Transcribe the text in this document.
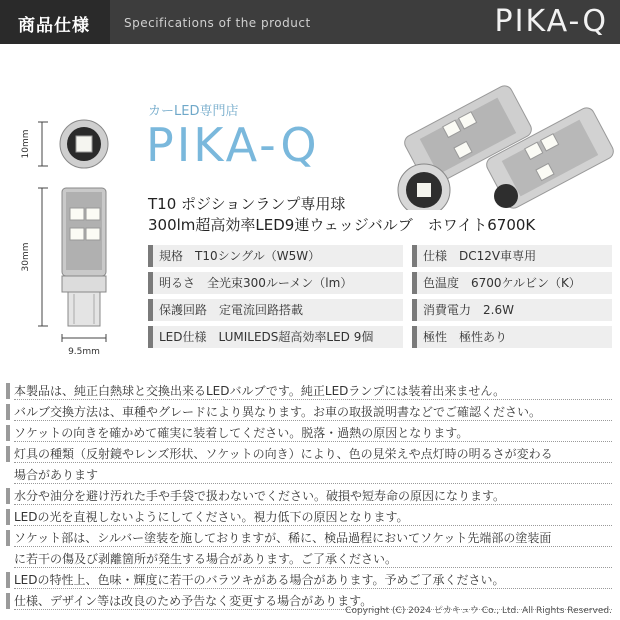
商品仕様	Specifications of the product	PIKA-Q
10mm
30mm
9.5mm
カーLED専門店
PIKA-Q
T10 ポジションランプ専用球
300lm超高効率LED9連ウェッジバルブ　ホワイト6700K
規格　T10シングル（W5W）	仕様　DC12V車専用
明るさ　全光束300ルーメン（lm）	色温度　6700ケルビン（K）
保護回路　定電流回路搭載	消費電力　2.6W
LED仕様　LUMILEDS超高効率LED 9個	極性　極性あり
本製品は、純正白熱球と交換出来るLEDバルブです。純正LEDランプには装着出来ません。
バルブ交換方法は、車種やグレードにより異なります。お車の取扱説明書などでご確認ください。
ソケットの向きを確かめて確実に装着してください。脱落・過熱の原因となります。
灯具の種類（反射鏡やレンズ形状、ソケットの向き）により、色の見栄えや点灯時の明るさが変わる
場合があります
水分や油分を避け汚れた手や手袋で扱わないでください。破損や短寿命の原因になります。
LEDの光を直視しないようにしてください。視力低下の原因となります。
ソケット部は、シルバー塗装を施しておりますが、稀に、検品過程においてソケット先端部の塗装面
に若干の傷及び剥離箇所が発生する場合があります。ご了承ください。
LEDの特性上、色味・輝度に若干のバラツキがある場合があります。予めご了承ください。
仕様、デザイン等は改良のため予告なく変更する場合があります。
Copyright (C) 2024 ピカキュウ Co., Ltd. All Rights Reserved.
